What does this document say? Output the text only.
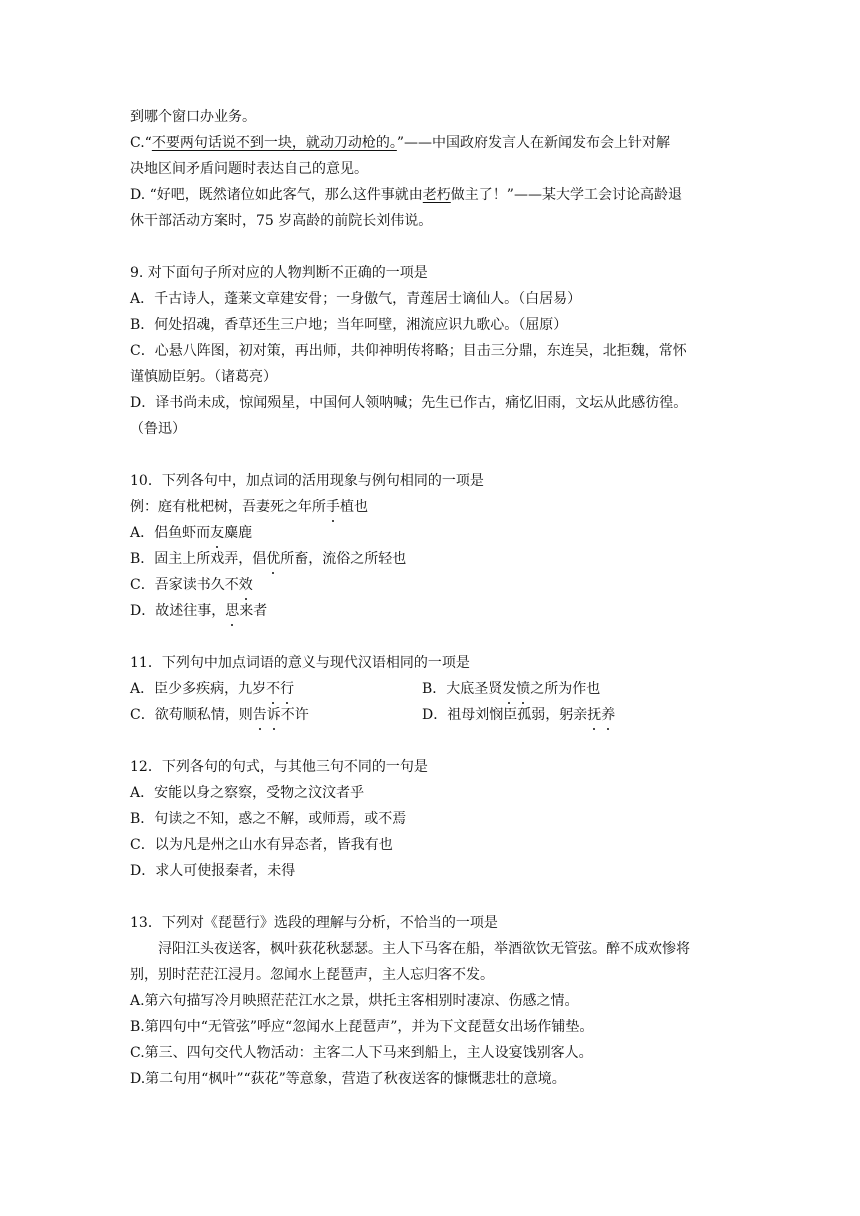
到哪个窗口办业务。
C.“不要两句话说不到一块，就动刀动枪的。”——中国政府发言人在新闻发布会上针对解
决地区间矛盾问题时表达自己的意见。
D. “好吧，既然诸位如此客气，那么这件事就由老朽做主了！”——某大学工会讨论高龄退
休干部活动方案时，75 岁高龄的前院长刘伟说。
9. 对下面句子所对应的人物判断不正确的一项是
A．千古诗人，蓬莱文章建安骨；一身傲气，青莲居士谪仙人。（白居易）
B．何处招魂，香草还生三户地；当年呵壁，湘流应识九歌心。（屈原）
C．心悬八阵图，初对策，再出师，共仰神明传将略；目击三分鼎，东连吴，北拒魏，常怀
谨慎励臣躬。（诸葛亮）
D．译书尚未成，惊闻殒星，中国何人领呐喊；先生已作古，痛忆旧雨，文坛从此感彷徨。
（鲁迅）
10．下列各句中，加点词的活用现象与例句相同的一项是
例：庭有枇杷树，吾妻死之年所手植也
A．侣鱼虾而友麋鹿
B．固主上所戏弄，倡优所畜，流俗之所轻也
C．吾家读书久不效
D．故述往事，思来者
11．下列句中加点词语的意义与现代汉语相同的一项是
A．臣少多疾病，九岁不行	B．大底圣贤发愤之所为作也
C．欲苟顺私情，则告诉不许	D．祖母刘悯臣孤弱，躬亲抚养
12．下列各句的句式，与其他三句不同的一句是
A．安能以身之察察，受物之汶汶者乎
B．句读之不知，惑之不解，或师焉，或不焉
C．以为凡是州之山水有异态者，皆我有也
D．求人可使报秦者，未得
13．下列对《琵琶行》选段的理解与分析，不恰当的一项是
浔阳江头夜送客，枫叶荻花秋瑟瑟。主人下马客在船，举酒欲饮无管弦。醉不成欢惨将
别，别时茫茫江浸月。忽闻水上琵琶声，主人忘归客不发。
A.第六句描写冷月映照茫茫江水之景，烘托主客相别时凄凉、伤感之情。
B.第四句中“无管弦”呼应“忽闻水上琵琶声”，并为下文琵琶女出场作铺垫。
C.第三、四句交代人物活动：主客二人下马来到船上，主人设宴饯别客人。
D.第二句用“枫叶”“荻花”等意象，营造了秋夜送客的慷慨悲壮的意境。
